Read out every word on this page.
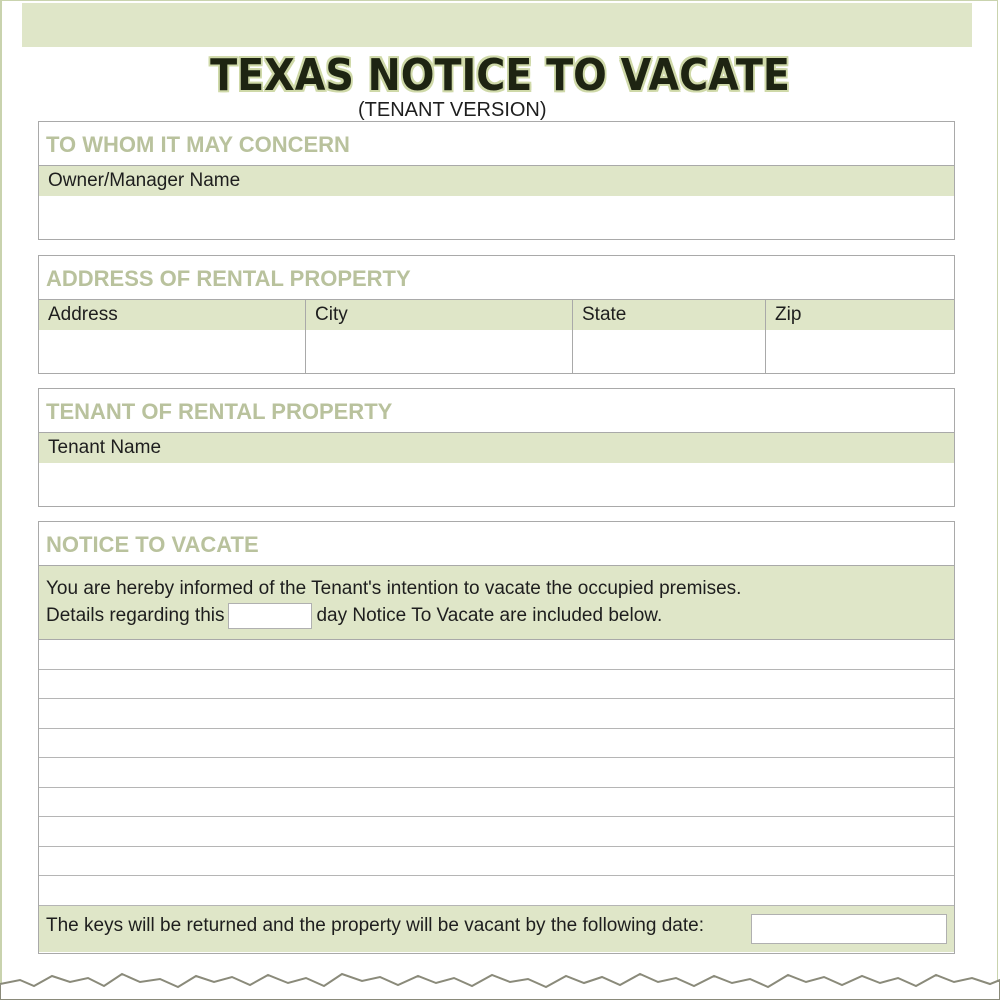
TEXAS NOTICE TO VACATE
(TENANT VERSION)
TO WHOM IT MAY CONCERN
Owner/Manager Name
ADDRESS OF RENTAL PROPERTY
Address	City	State	Zip
TENANT OF RENTAL PROPERTY
Tenant Name
NOTICE TO VACATE
You are hereby informed of the Tenant's intention to vacate the occupied premises.
Details regarding this	day Notice To Vacate are included below.
The keys will be returned and the property will be vacant by the following date:
